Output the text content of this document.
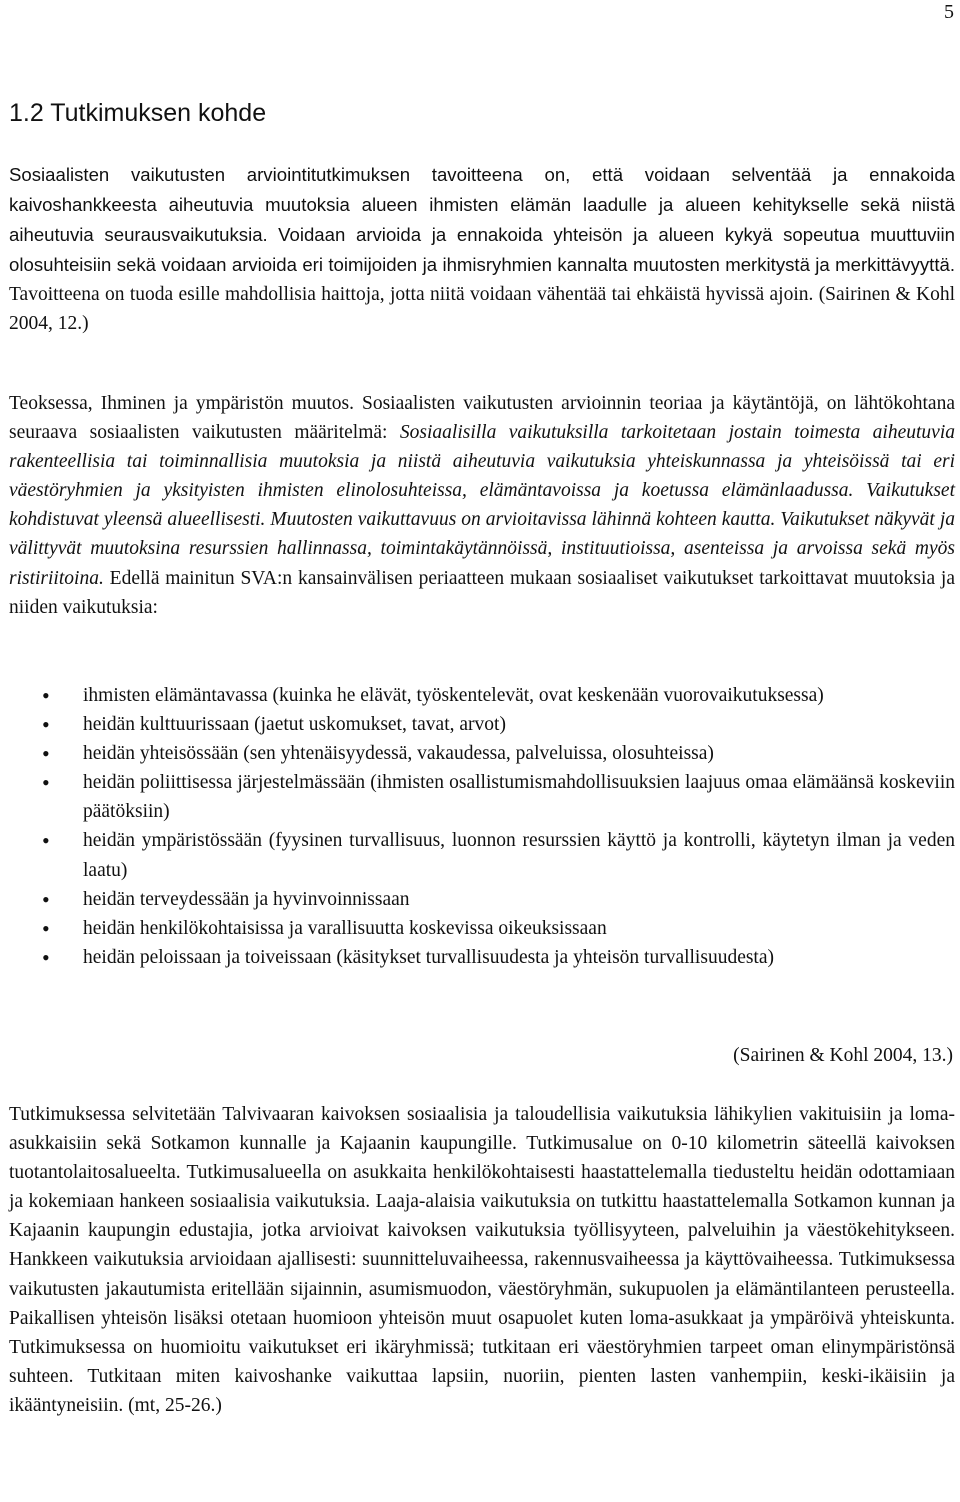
5
1.2 Tutkimuksen kohde

Sosiaalisten vaikutusten arviointitutkimuksen tavoitteena on, että voidaan selventää ja ennakoida kaivoshankkeesta aiheutuvia muutoksia alueen ihmisten elämän laadulle ja alueen kehitykselle sekä niistä aiheutuvia seurausvaikutuksia. Voidaan arvioida ja ennakoida yhteisön ja alueen kykyä sopeutua muuttuviin olosuhteisiin sekä voidaan arvioida eri toimijoiden ja ihmisryhmien kannalta muutosten merkitystä ja merkittävyyttä. Tavoitteena on tuoda esille mahdollisia haittoja, jotta niitä voidaan vähentää tai ehkäistä hyvissä ajoin. (Sairinen & Kohl 2004, 12.)

Teoksessa, Ihminen ja ympäristön muutos. Sosiaalisten vaikutusten arvioinnin teoriaa ja käytäntöjä, on lähtökohtana seuraava sosiaalisten vaikutusten määritelmä: Sosiaalisilla vaikutuksilla tarkoitetaan jostain toimesta aiheutuvia rakenteellisia tai toiminnallisia muutoksia ja niistä aiheutuvia vaikutuksia yhteiskunnassa ja yhteisöissä tai eri väestöryhmien ja yksityisten ihmisten elinolosuhteissa, elämäntavoissa ja koetussa elämänlaadussa. Vaikutukset kohdistuvat yleensä alueellisesti. Muutosten vaikuttavuus on arvioitavissa lähinnä kohteen kautta. Vaikutukset näkyvät ja välittyvät muutoksina resurssien hallinnassa, toimintakäytännöissä, instituutioissa, asenteissa ja arvoissa sekä myös ristiriitoina. Edellä mainitun SVA:n kansainvälisen periaatteen mukaan sosiaaliset vaikutukset tarkoittavat muutoksia ja niiden vaikutuksia:

• ihmisten elämäntavassa (kuinka he elävät, työskentelevät, ovat keskenään vuorovaikutuksessa)
• heidän kulttuurissaan (jaetut uskomukset, tavat, arvot)
• heidän yhteisössään (sen yhtenäisyydessä, vakaudessa, palveluissa, olosuhteissa)
• heidän poliittisessa järjestelmässään (ihmisten osallistumismahdollisuuksien laajuus omaa elämäänsä koskeviin päätöksiin)
• heidän ympäristössään (fyysinen turvallisuus, luonnon resurssien käyttö ja kontrolli, käytetyn ilman ja veden laatu)
• heidän terveydessään ja hyvinvoinnissaan
• heidän henkilökohtaisissa ja varallisuutta koskevissa oikeuksissaan
• heidän peloissaan ja toiveissaan (käsitykset turvallisuudesta ja yhteisön turvallisuudesta)
(Sairinen & Kohl 2004, 13.)

Tutkimuksessa selvitetään Talvivaaran kaivoksen sosiaalisia ja taloudellisia vaikutuksia lähikylien vakituisiin ja loma-asukkaisiin sekä Sotkamon kunnalle ja Kajaanin kaupungille. Tutkimusalue on 0-10 kilometrin säteellä kaivoksen tuotantolaitosalueelta. Tutkimusalueella on asukkaita henkilökohtaisesti haastattelemalla tiedusteltu heidän odottamiaan ja kokemiaan hankeen sosiaalisia vaikutuksia. Laaja-alaisia vaikutuksia on tutkittu haastattelemalla Sotkamon kunnan ja Kajaanin kaupungin edustajia, jotka arvioivat kaivoksen vaikutuksia työllisyyteen, palveluihin ja väestökehitykseen. Hankkeen vaikutuksia arvioidaan ajallisesti: suunnitteluvaiheessa, rakennusvaiheessa ja käyttövaiheessa. Tutkimuksessa vaikutusten jakautumista eritellään sijainnin, asumismuodon, väestöryhmän, sukupuolen ja elämäntilanteen perusteella. Paikallisen yhteisön lisäksi otetaan huomioon yhteisön muut osapuolet kuten loma-asukkaat ja ympäröivä yhteiskunta. Tutkimuksessa on huomioitu vaikutukset eri ikäryhmissä; tutkitaan eri väestöryhmien tarpeet oman elinympäristönsä suhteen. Tutkitaan miten kaivoshanke vaikuttaa lapsiin, nuoriin, pienten lasten vanhempiin, keski-ikäisiin ja ikääntyneisiin. (mt, 25-26.)
